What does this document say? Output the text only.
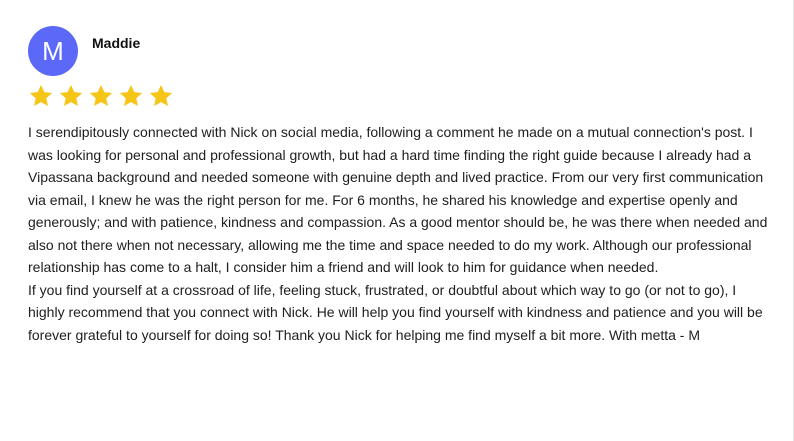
M	Maddie

I serendipitously connected with Nick on social media, following a comment he made on a mutual connection's post. I was looking for personal and professional growth, but had a hard time finding the right guide because I already had a Vipassana background and needed someone with genuine depth and lived practice. From our very first communication via email, I knew he was the right person for me. For 6 months, he shared his knowledge and expertise openly and generously; and with patience, kindness and compassion. As a good mentor should be, he was there when needed and also not there when not necessary, allowing me the time and space needed to do my work. Although our professional relationship has come to a halt, I consider him a friend and will look to him for guidance when needed.

If you find yourself at a crossroad of life, feeling stuck, frustrated, or doubtful about which way to go (or not to go), I highly recommend that you connect with Nick. He will help you find yourself with kindness and patience and you will be forever grateful to yourself for doing so! Thank you Nick for helping me find myself a bit more. With metta - M
